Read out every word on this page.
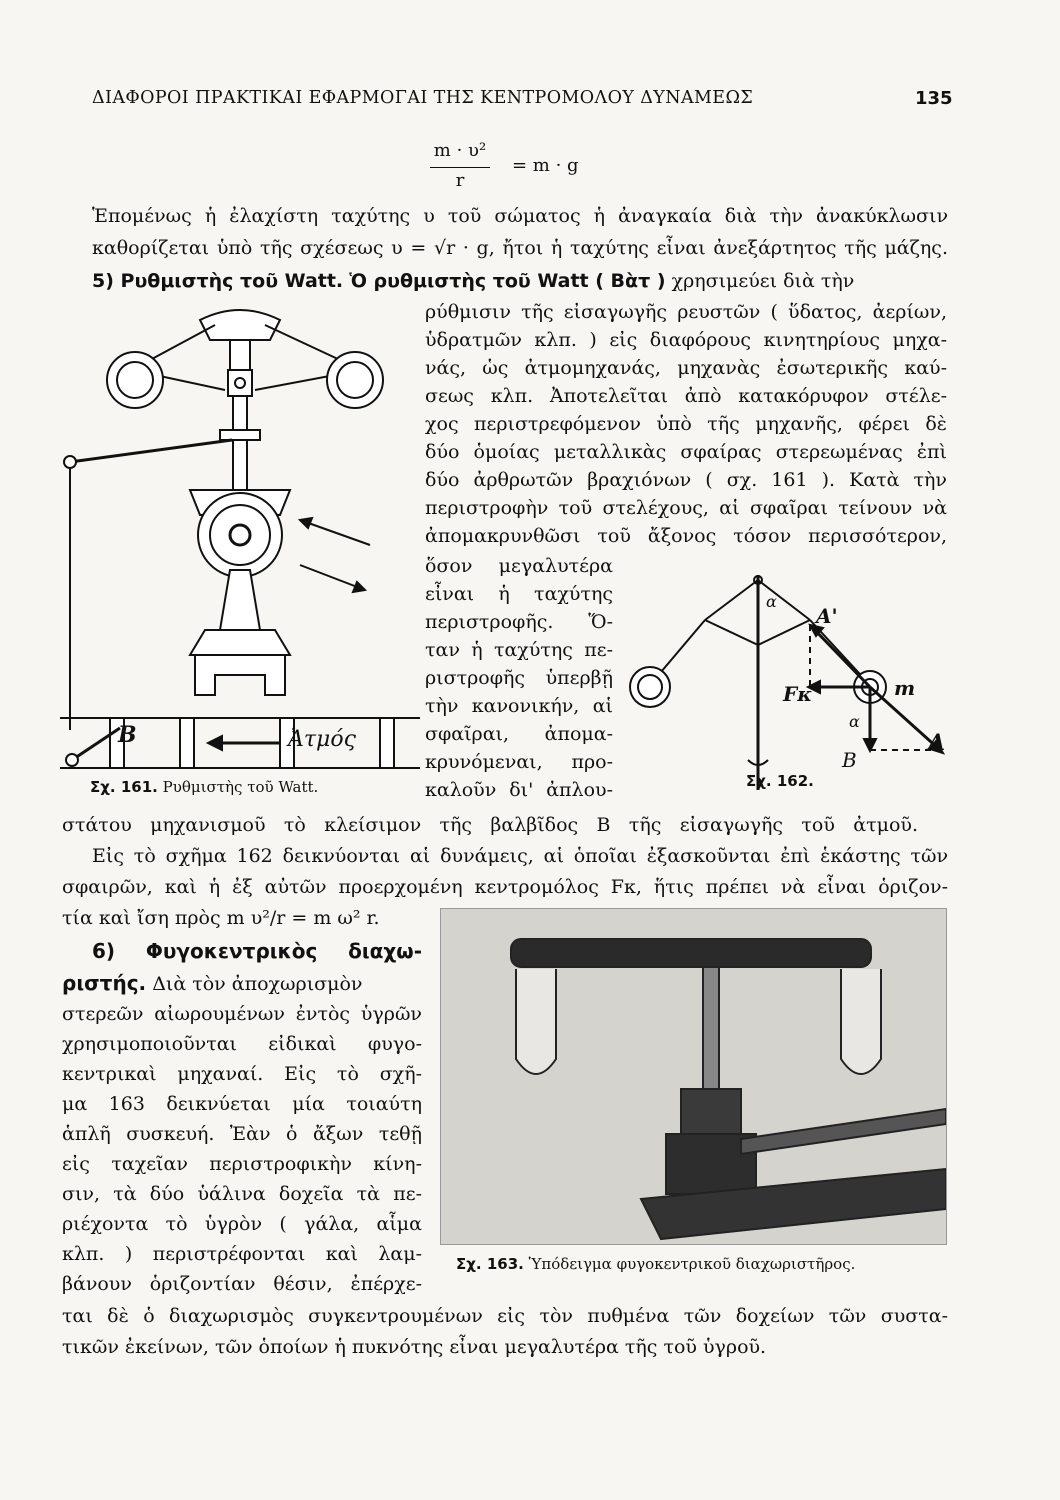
ΔΙΑΦΟΡΟΙ ΠΡΑΚΤΙΚΑΙ ΕΦΑΡΜΟΓΑΙ ΤΗΣ ΚΕΝΤΡΟΜΟΛΟΥ ΔΥΝΑΜΕΩΣ	135
m · υ²
r
= m · g
Ἑπομένως ἡ ἐλαχίστη ταχύτης υ τοῦ σώματος ἡ ἀναγκαία διὰ τὴν ἀνακύκλωσιν
καθορίζεται ὑπὸ τῆς σχέσεως υ = √r · g, ἤτοι ἡ ταχύτης εἶναι ἀνεξάρτητος τῆς μάζης.
5) Ρυθμιστὴς τοῦ Watt. Ὁ ρυθμιστὴς τοῦ Watt ( Βὰτ ) χρησιμεύει διὰ τὴν
ρύθμισιν τῆς εἰσαγωγῆς ρευστῶν ( ὕδατος, ἀερίων,
ὑδρατμῶν κλπ. ) εἰς διαφόρους κινητηρίους μηχα-
νάς, ὡς ἀτμομηχανάς, μηχανὰς ἐσωτερικῆς καύ-
σεως κλπ. Ἀποτελεῖται ἀπὸ κατακόρυφον στέλε-
χος περιστρεφόμενον ὑπὸ τῆς μηχανῆς, φέρει δὲ
δύο ὁμοίας μεταλλικὰς σφαίρας στερεωμένας ἐπὶ
δύο ἀρθρωτῶν βραχιόνων ( σχ. 161 ). Κατὰ τὴν
περιστροφὴν τοῦ στελέχους, αἱ σφαῖραι τείνουν νὰ
ἀπομακρυνθῶσι τοῦ ἄξονος τόσον περισσότερον,
ὅσον μεγαλυτέρα
εἶναι ἡ ταχύτης
περιστροφῆς. Ὅ-
ταν ἡ ταχύτης πε-
ριστροφῆς ὑπερβῇ
τὴν κανονικήν, αἱ
σφαῖραι, ἀπομα-
κρυνόμεναι, προ-
καλοῦν δι' ἀπλου-
B	Ἀτμός
Σχ. 161. Ρυθμιστὴς τοῦ Watt.
α
A'
m
Fκ
α
B
A
Σχ. 162.
στάτου μηχανισμοῦ τὸ κλείσιμον τῆς βαλβῖδος Β τῆς εἰσαγωγῆς τοῦ ἀτμοῦ.
Εἰς τὸ σχῆμα 162 δεικνύονται αἱ δυνάμεις, αἱ ὁποῖαι ἐξασκοῦνται ἐπὶ ἑκάστης τῶν
σφαιρῶν, καὶ ἡ ἐξ αὐτῶν προερχομένη κεντρομόλος Fκ, ἥτις πρέπει νὰ εἶναι ὁριζον-
τία καὶ ἴση πρὸς m υ²/r = m ω² r.
6) Φυγοκεντρικὸς διαχω-
ριστής. Διὰ τὸν ἀποχωρισμὸν
στερεῶν αἰωρουμένων ἐντὸς ὑγρῶν
χρησιμοποιοῦνται εἰδικαὶ φυγο-
κεντρικαὶ μηχαναί. Εἰς τὸ σχῆ-
μα 163 δεικνύεται μία τοιαύτη
ἁπλῆ συσκευή. Ἐὰν ὁ ἄξων τεθῇ
εἰς ταχεῖαν περιστροφικὴν κίνη-
σιν, τὰ δύο ὑάλινα δοχεῖα τὰ πε-
ριέχοντα τὸ ὑγρὸν ( γάλα, αἷμα
κλπ. ) περιστρέφονται καὶ λαμ-
βάνουν ὁριζοντίαν θέσιν, ἐπέρχε-
Σχ. 163. Ὑπόδειγμα φυγοκεντρικοῦ διαχωριστῆρος.
ται δὲ ὁ διαχωρισμὸς συγκεντρουμένων εἰς τὸν πυθμένα τῶν δοχείων τῶν συστα-
τικῶν ἐκείνων, τῶν ὁποίων ἡ πυκνότης εἶναι μεγαλυτέρα τῆς τοῦ ὑγροῦ.
